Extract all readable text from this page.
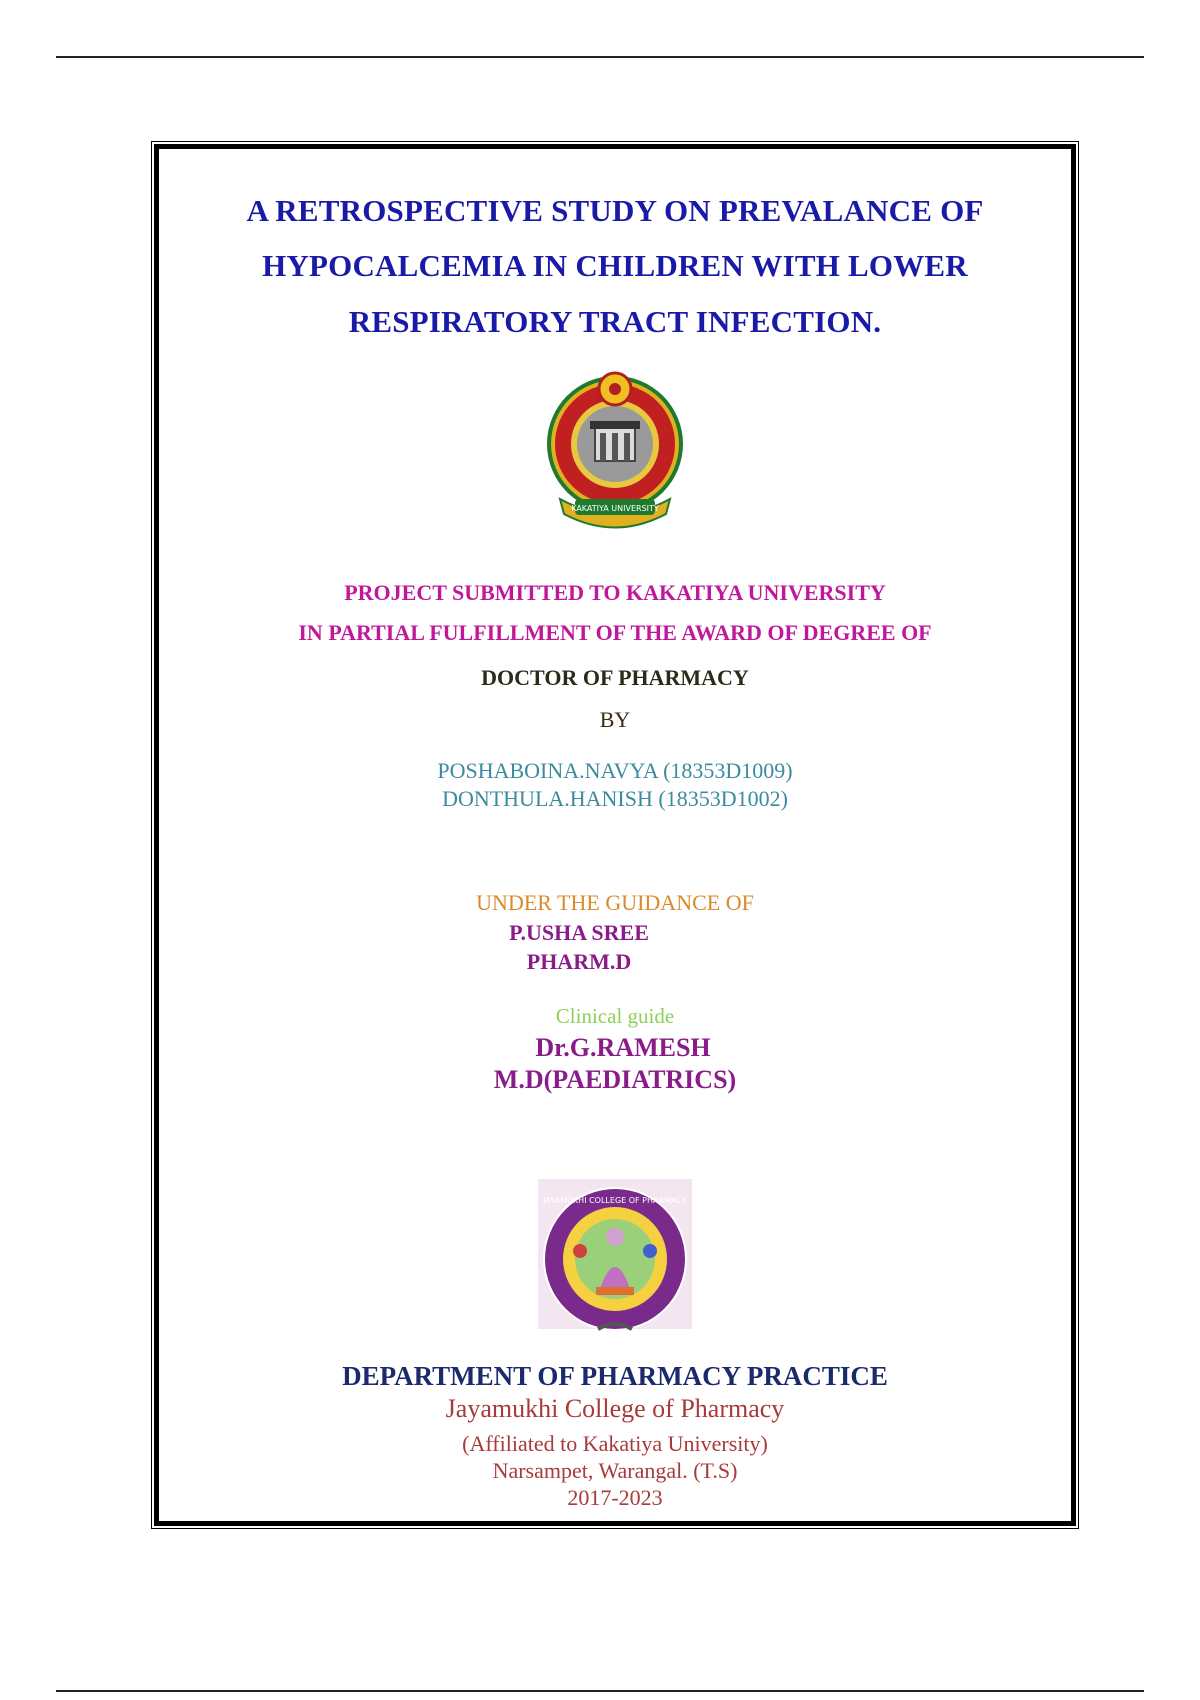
A RETROSPECTIVE STUDY ON PREVALANCE OF
HYPOCALCEMIA IN CHILDREN WITH LOWER
RESPIRATORY TRACT INFECTION.
KAKATIYA UNIVERSITY
PROJECT SUBMITTED TO KAKATIYA UNIVERSITY
IN PARTIAL FULFILLMENT OF THE AWARD OF DEGREE OF
DOCTOR OF PHARMACY
BY
POSHABOINA.NAVYA (18353D1009)
DONTHULA.HANISH (18353D1002)
UNDER THE GUIDANCE OF
P.USHA SREE
PHARM.D
Clinical guide
Dr.G.RAMESH
M.D(PAEDIATRICS)
JAYAMUKHI COLLEGE OF PHARMACY
DEPARTMENT OF PHARMACY PRACTICE
Jayamukhi College of Pharmacy
(Affiliated to Kakatiya University)
Narsampet, Warangal. (T.S)
2017-2023
